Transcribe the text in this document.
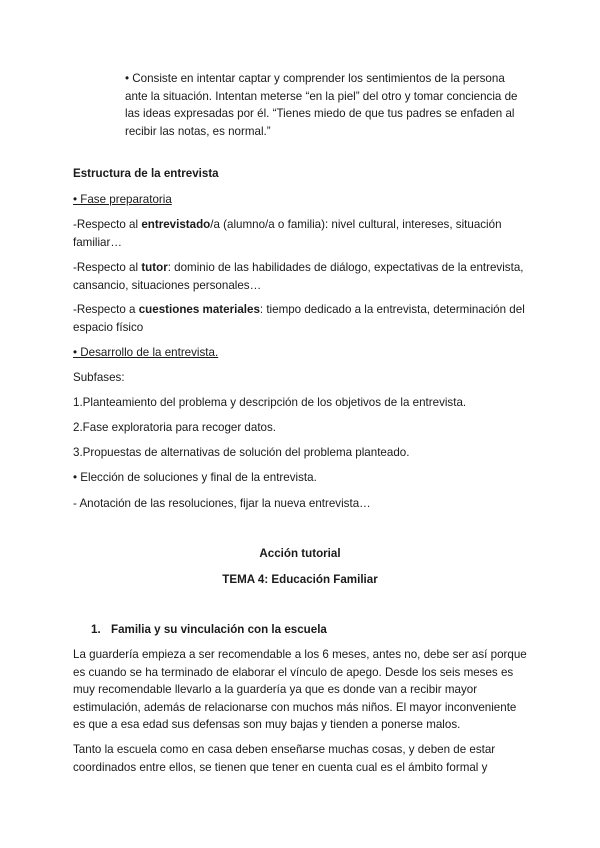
• Consiste en intentar captar y comprender los sentimientos de la persona ante la situación. Intentan meterse “en la piel” del otro y tomar conciencia de las ideas expresadas por él. “Tienes miedo de que tus padres se enfaden al recibir las notas, es normal.”

Estructura de la entrevista

• Fase preparatoria

-Respecto al entrevistado/a (alumno/a o familia): nivel cultural, intereses, situación familiar…

-Respecto al tutor: dominio de las habilidades de diálogo, expectativas de la entrevista, cansancio, situaciones personales…

-Respecto a cuestiones materiales: tiempo dedicado a la entrevista, determinación del espacio físico

• Desarrollo de la entrevista.

Subfases:

1.Planteamiento del problema y descripción de los objetivos de la entrevista.

2.Fase exploratoria para recoger datos.

3.Propuestas de alternativas de solución del problema planteado.

• Elección de soluciones y final de la entrevista.

- Anotación de las resoluciones, fijar la nueva entrevista…

Acción tutorial

TEMA 4: Educación Familiar

1. Familia y su vinculación con la escuela

La guardería empieza a ser recomendable a los 6 meses, antes no, debe ser así porque es cuando se ha terminado de elaborar el vínculo de apego. Desde los seis meses es muy recomendable llevarlo a la guardería ya que es donde van a recibir mayor estimulación, además de relacionarse con muchos más niños. El mayor inconveniente es que a esa edad sus defensas son muy bajas y tienden a ponerse malos.

Tanto la escuela como en casa deben enseñarse muchas cosas, y deben de estar coordinados entre ellos, se tienen que tener en cuenta cual es el ámbito formal y
